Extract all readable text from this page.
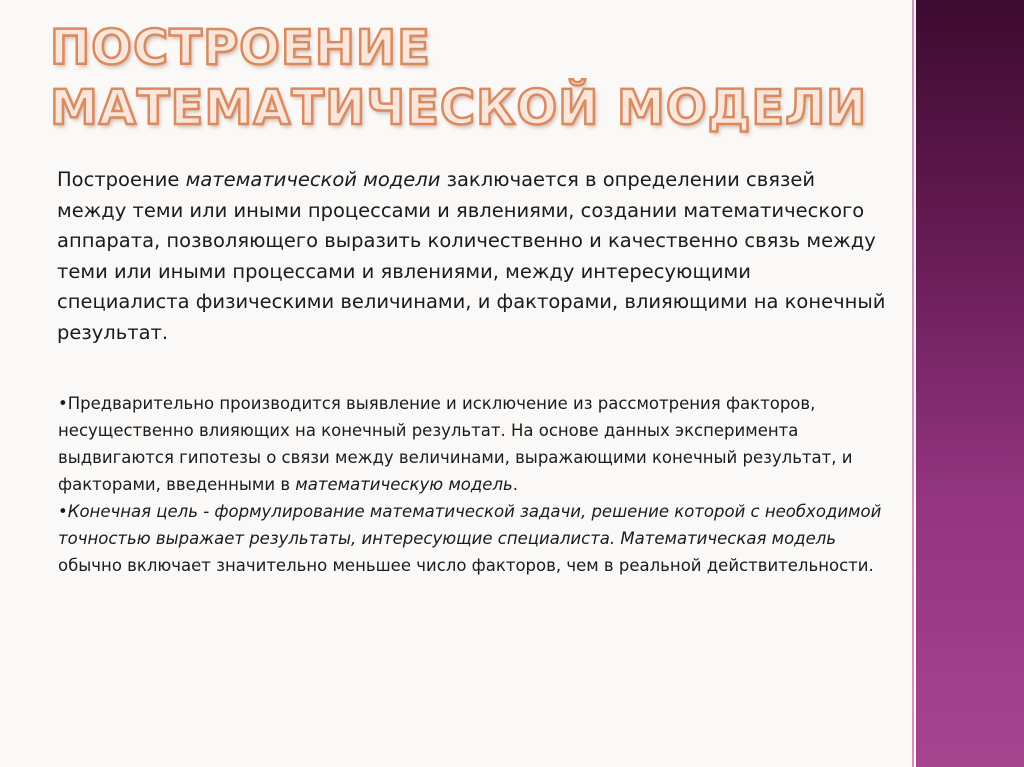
ПОСТРОЕНИЕ МАТЕМАТИЧЕСКОЙ МОДЕЛИ

Построение математической модели заключается в определении связей между теми или иными процессами и явлениями, создании математического аппарата, позволяющего выразить количественно и качественно связь между теми или иными процессами и явлениями, между интересующими специалиста физическими величинами, и факторами, влияющими на конечный результат.

•Предварительно производится выявление и исключение из рассмотрения факторов, несущественно влияющих на конечный результат. На основе данных эксперимента выдвигаются гипотезы о связи между величинами, выражающими конечный результат, и факторами, введенными в математическую модель.
•Конечная цель - формулирование математической задачи, решение которой с необходимой точностью выражает результаты, интересующие специалиста. Математическая модель обычно включает значительно меньшее число факторов, чем в реальной действительности.
